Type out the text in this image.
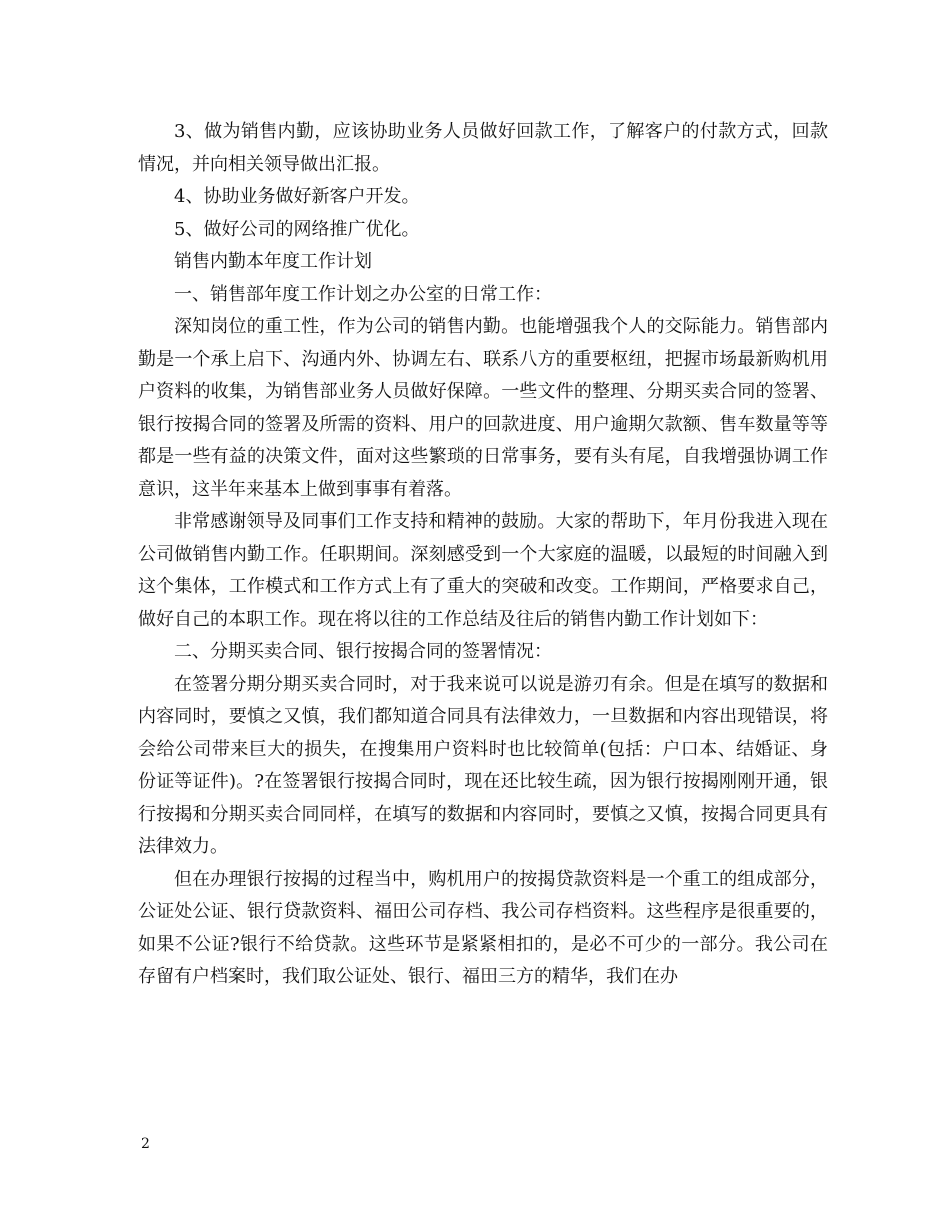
3、做为销售内勤，应该协助业务人员做好回款工作，了解客户的付款方式，回款情况，并向相关领导做出汇报。

4、协助业务做好新客户开发。

5、做好公司的网络推广优化。

销售内勤本年度工作计划

一、销售部年度工作计划之办公室的日常工作：

深知岗位的重工性，作为公司的销售内勤。也能增强我个人的交际能力。销售部内勤是一个承上启下、沟通内外、协调左右、联系八方的重要枢纽，把握市场最新购机用户资料的收集，为销售部业务人员做好保障。一些文件的整理、分期买卖合同的签署、银行按揭合同的签署及所需的资料、用户的回款进度、用户逾期欠款额、售车数量等等都是一些有益的决策文件，面对这些繁琐的日常事务，要有头有尾，自我增强协调工作意识，这半年来基本上做到事事有着落。

非常感谢领导及同事们工作支持和精神的鼓励。大家的帮助下，年月份我进入现在公司做销售内勤工作。任职期间。深刻感受到一个大家庭的温暖，以最短的时间融入到这个集体，工作模式和工作方式上有了重大的突破和改变。工作期间，严格要求自己，做好自己的本职工作。现在将以往的工作总结及往后的销售内勤工作计划如下：

二、分期买卖合同、银行按揭合同的签署情况：

在签署分期分期买卖合同时，对于我来说可以说是游刃有余。但是在填写的数据和内容同时，要慎之又慎，我们都知道合同具有法律效力，一旦数据和内容出现错误，将会给公司带来巨大的损失，在搜集用户资料时也比较简单(包括：户口本、结婚证、身份证等证件)。?在签署银行按揭合同时，现在还比较生疏，因为银行按揭刚刚开通，银行按揭和分期买卖合同同样，在填写的数据和内容同时，要慎之又慎，按揭合同更具有法律效力。

但在办理银行按揭的过程当中，购机用户的按揭贷款资料是一个重工的组成部分，公证处公证、银行贷款资料、福田公司存档、我公司存档资料。这些程序是很重要的，如果不公证?银行不给贷款。这些环节是紧紧相扣的，是必不可少的一部分。我公司在存留有户档案时，我们取公证处、银行、福田三方的精华，我们在办

2
